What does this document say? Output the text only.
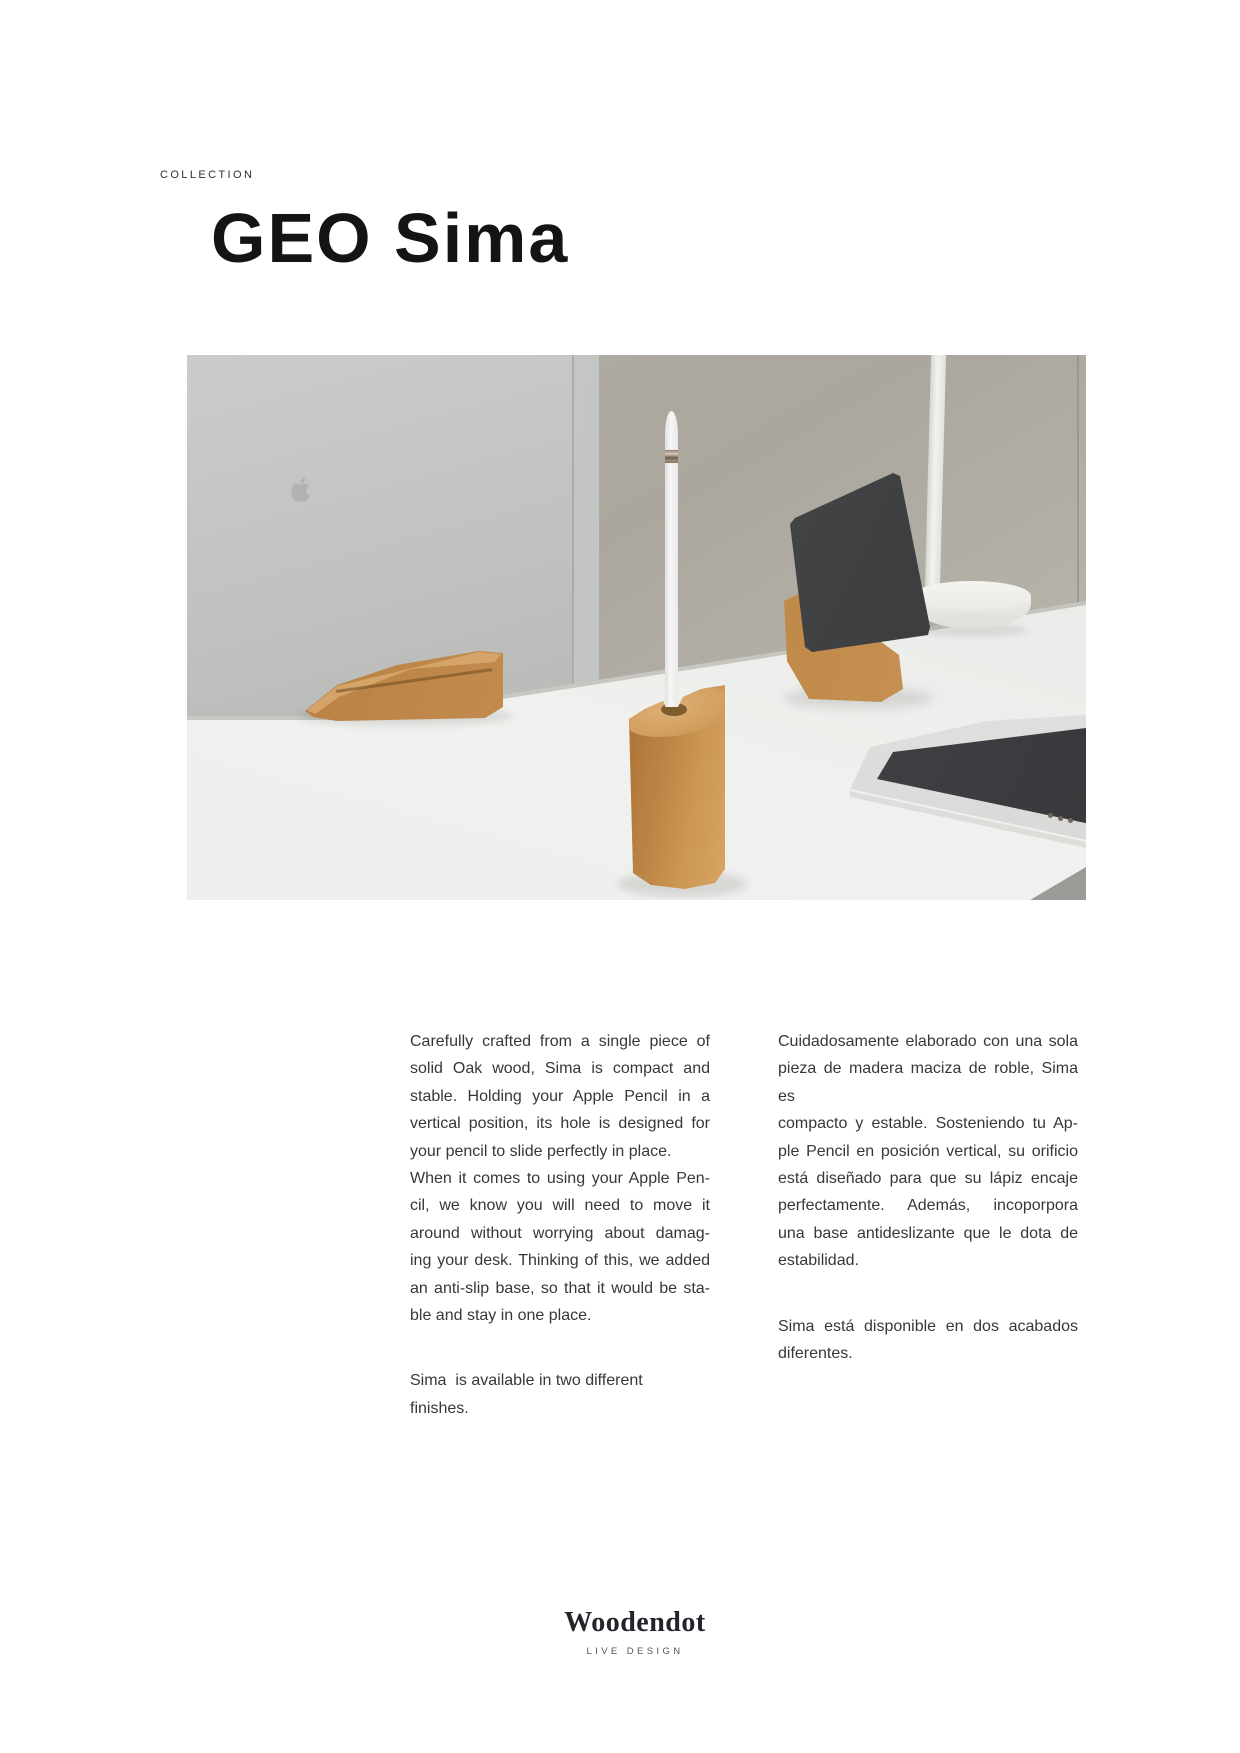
COLLECTION
GEO Sima
Carefully crafted from a single piece of
solid Oak wood, Sima is compact and
stable. Holding your Apple Pencil in a
vertical position, its hole is designed for
your pencil to slide perfectly in place.
When it comes to using your Apple Pen-
cil, we know you will need to move it
around without worrying about damag-
ing your desk. Thinking of this, we added
an anti-slip base, so that it would be sta-
ble and stay in one place.
Sima  is available in two different
finishes.
Cuidadosamente elaborado con una sola
pieza de madera maciza de roble, Sima es
compacto y estable. Sosteniendo tu Ap-
ple Pencil en posición vertical, su orificio
está diseñado para que su lápiz encaje
perfectamente. Además, incoporpora
una base antideslizante que le dota de
estabilidad.
Sima está disponible en dos acabados
diferentes.
Woodendot
LIVE DESIGN
